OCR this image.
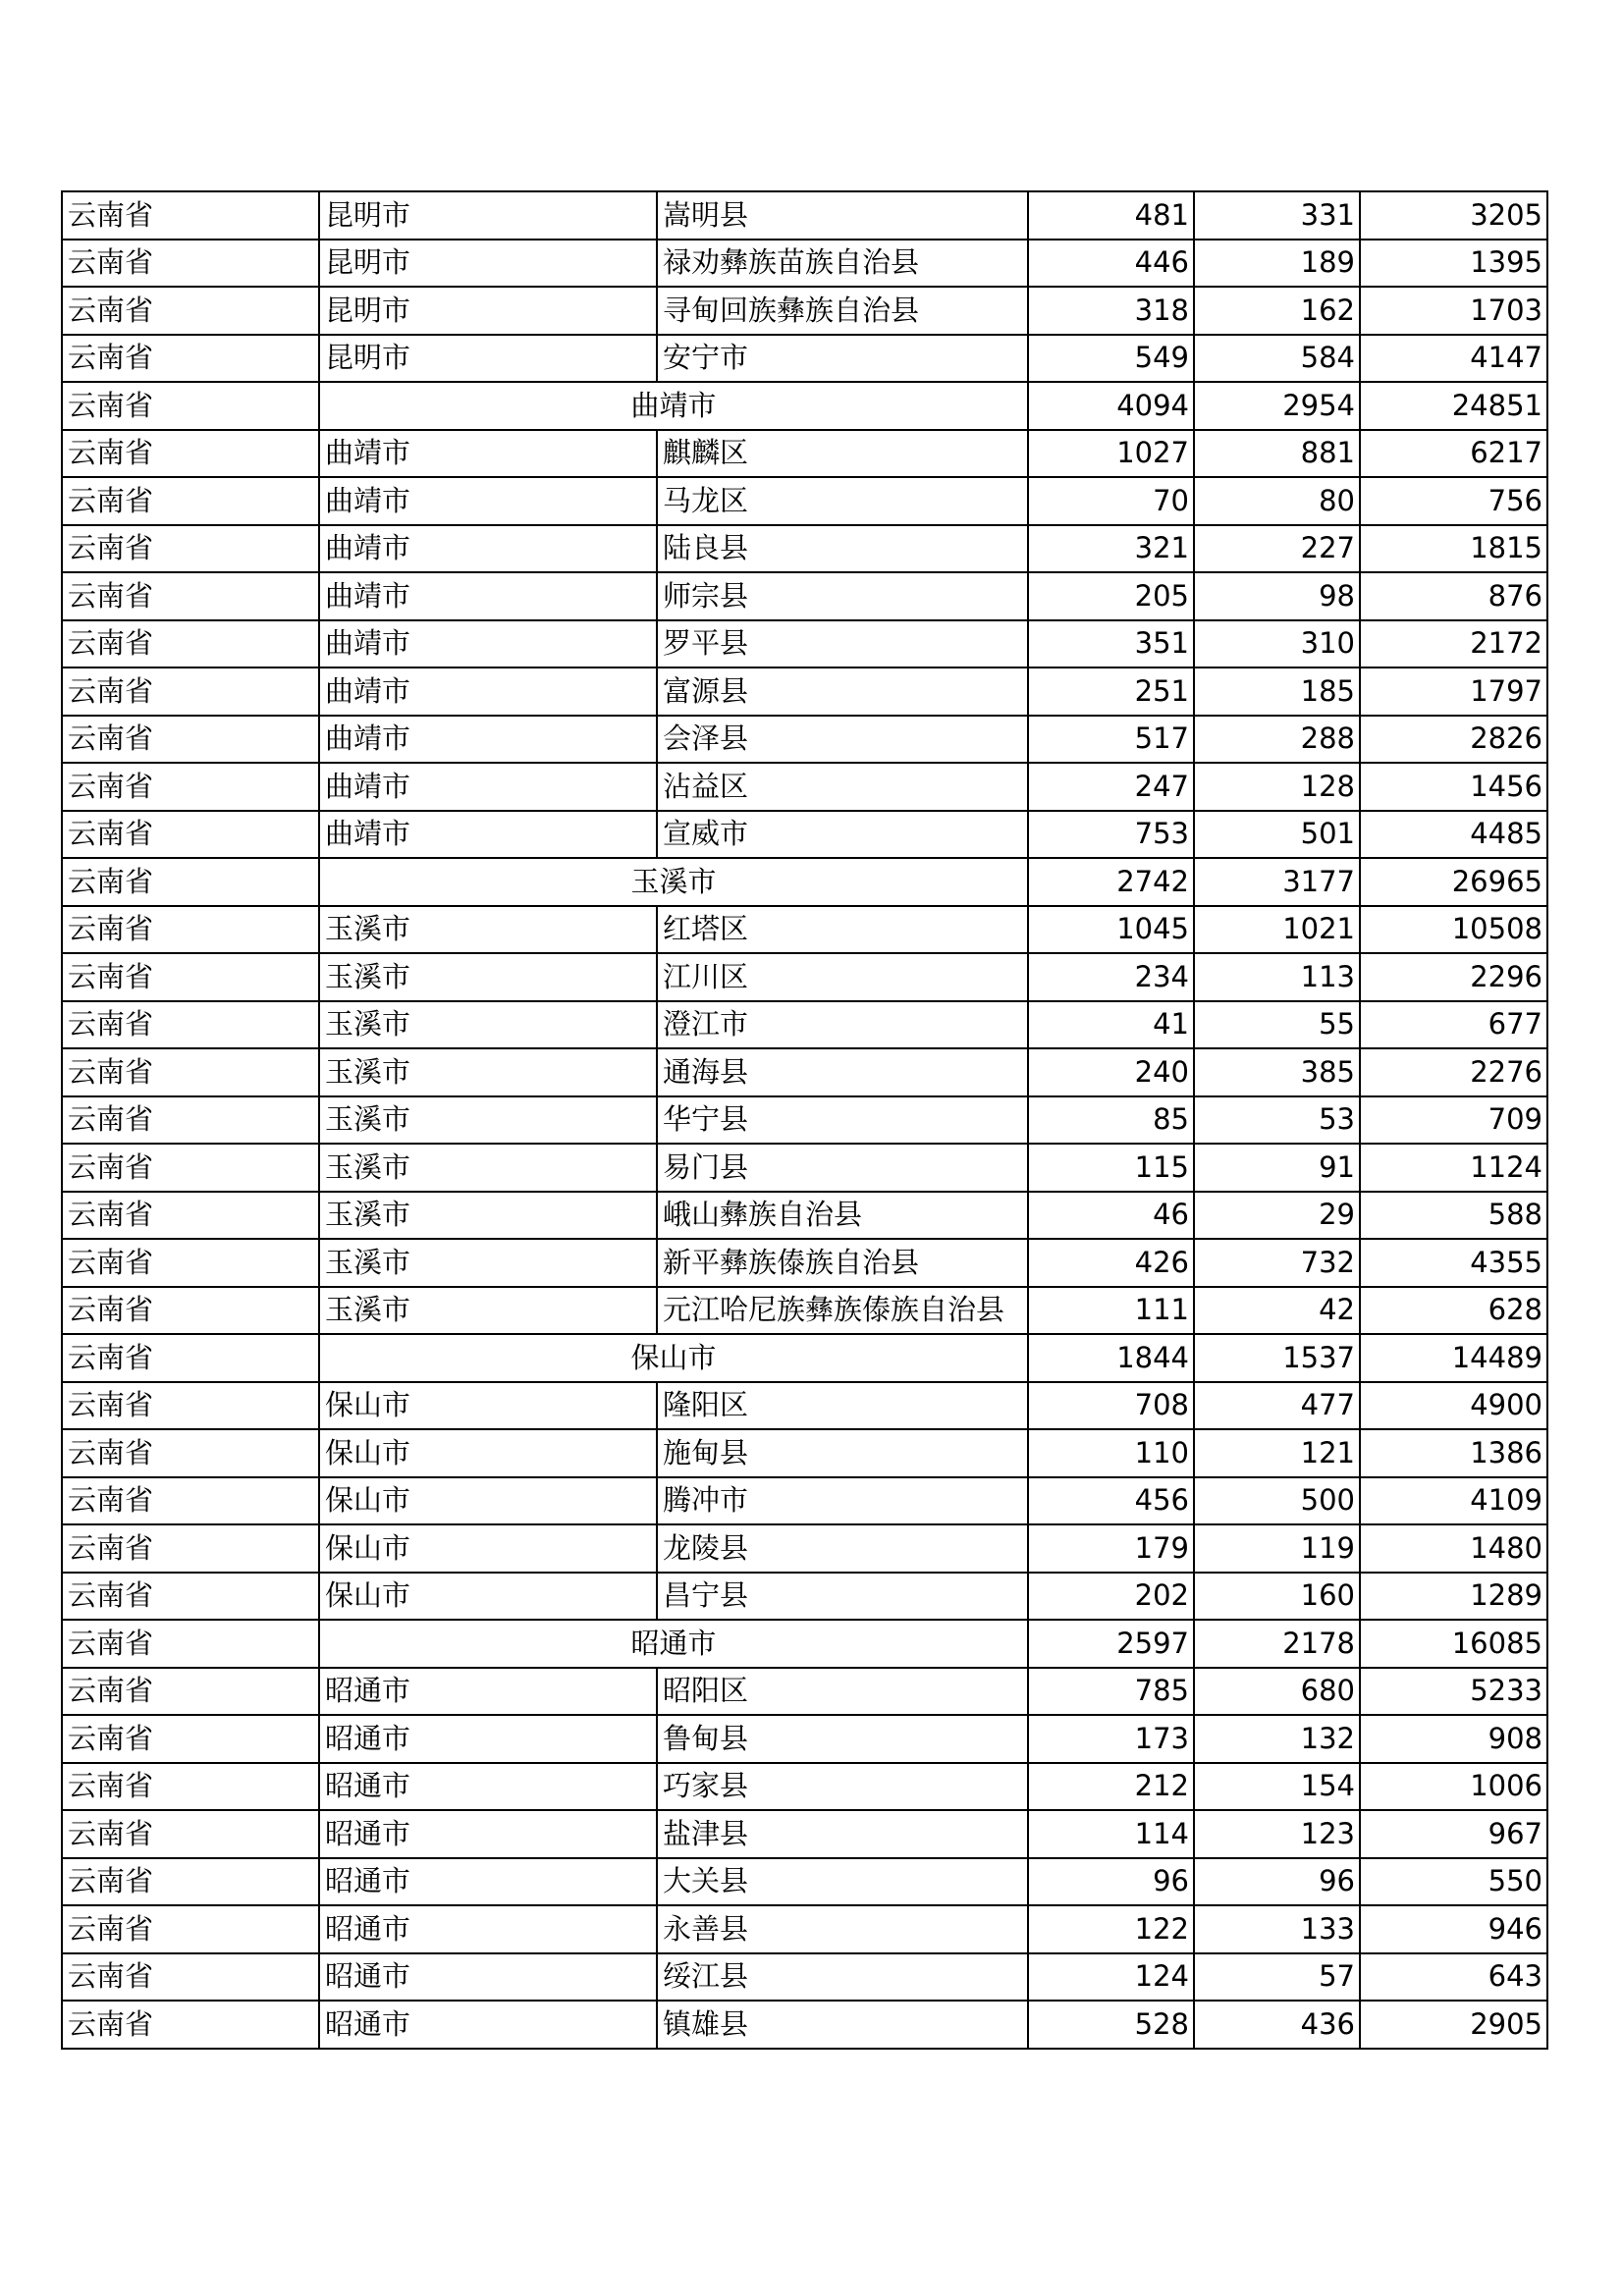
云南省	昆明市	嵩明县	481	331	3205
云南省	昆明市	禄劝彝族苗族自治县	446	189	1395
云南省	昆明市	寻甸回族彝族自治县	318	162	1703
云南省	昆明市	安宁市	549	584	4147
云南省	曲靖市		4094	2954	24851
云南省	曲靖市	麒麟区	1027	881	6217
云南省	曲靖市	马龙区	70	80	756
云南省	曲靖市	陆良县	321	227	1815
云南省	曲靖市	师宗县	205	98	876
云南省	曲靖市	罗平县	351	310	2172
云南省	曲靖市	富源县	251	185	1797
云南省	曲靖市	会泽县	517	288	2826
云南省	曲靖市	沾益区	247	128	1456
云南省	曲靖市	宣威市	753	501	4485
云南省	玉溪市		2742	3177	26965
云南省	玉溪市	红塔区	1045	1021	10508
云南省	玉溪市	江川区	234	113	2296
云南省	玉溪市	澄江市	41	55	677
云南省	玉溪市	通海县	240	385	2276
云南省	玉溪市	华宁县	85	53	709
云南省	玉溪市	易门县	115	91	1124
云南省	玉溪市	峨山彝族自治县	46	29	588
云南省	玉溪市	新平彝族傣族自治县	426	732	4355
云南省	玉溪市	元江哈尼族彝族傣族自治县	111	42	628
云南省	保山市		1844	1537	14489
云南省	保山市	隆阳区	708	477	4900
云南省	保山市	施甸县	110	121	1386
云南省	保山市	腾冲市	456	500	4109
云南省	保山市	龙陵县	179	119	1480
云南省	保山市	昌宁县	202	160	1289
云南省	昭通市		2597	2178	16085
云南省	昭通市	昭阳区	785	680	5233
云南省	昭通市	鲁甸县	173	132	908
云南省	昭通市	巧家县	212	154	1006
云南省	昭通市	盐津县	114	123	967
云南省	昭通市	大关县	96	96	550
云南省	昭通市	永善县	122	133	946
云南省	昭通市	绥江县	124	57	643
云南省	昭通市	镇雄县	528	436	2905
